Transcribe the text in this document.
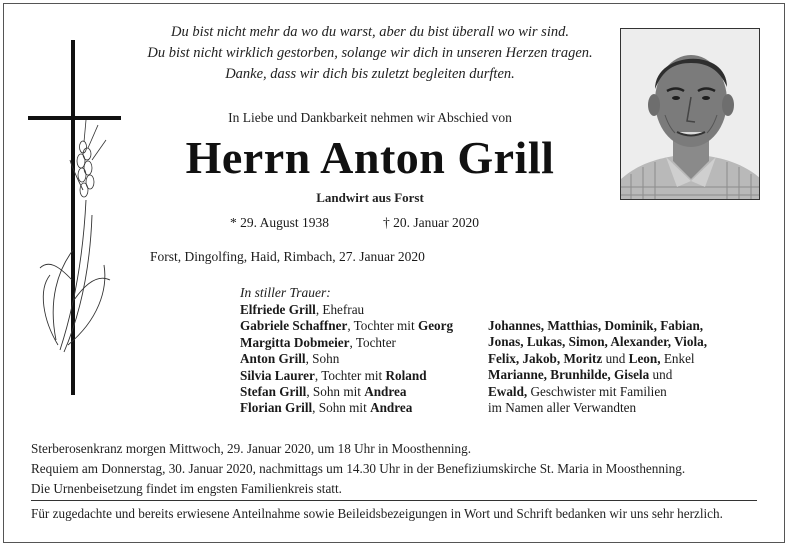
Du bist nicht mehr da wo du warst, aber du bist überall wo wir sind.
Du bist nicht wirklich gestorben, solange wir dich in unseren Herzen tragen.
Danke, dass wir dich bis zuletzt begleiten durften.
In Liebe und Dankbarkeit nehmen wir Abschied von
Herrn Anton Grill
Landwirt aus Forst
* 29. August 1938	† 20. Januar 2020
Forst, Dingolfing, Haid, Rimbach, 27. Januar 2020
In stiller Trauer:
Elfriede Grill, Ehefrau
Gabriele Schaffner, Tochter mit Georg
Margitta Dobmeier, Tochter
Anton Grill, Sohn
Silvia Laurer, Tochter mit Roland
Stefan Grill, Sohn mit Andrea
Florian Grill, Sohn mit Andrea
Johannes, Matthias, Dominik, Fabian,
Jonas, Lukas, Simon, Alexander, Viola,
Felix, Jakob, Moritz und Leon, Enkel
Marianne, Brunhilde, Gisela und
Ewald, Geschwister mit Familien
im Namen aller Verwandten
Sterberosenkranz morgen Mittwoch, 29. Januar 2020, um 18 Uhr in Moosthenning.
Requiem am Donnerstag, 30. Januar 2020, nachmittags um 14.30 Uhr in der Benefiziumskirche St. Maria in Moosthenning.
Die Urnenbeisetzung findet im engsten Familienkreis statt.
Für zugedachte und bereits erwiesene Anteilnahme sowie Beileidsbezeigungen in Wort und Schrift bedanken wir uns sehr herzlich.
